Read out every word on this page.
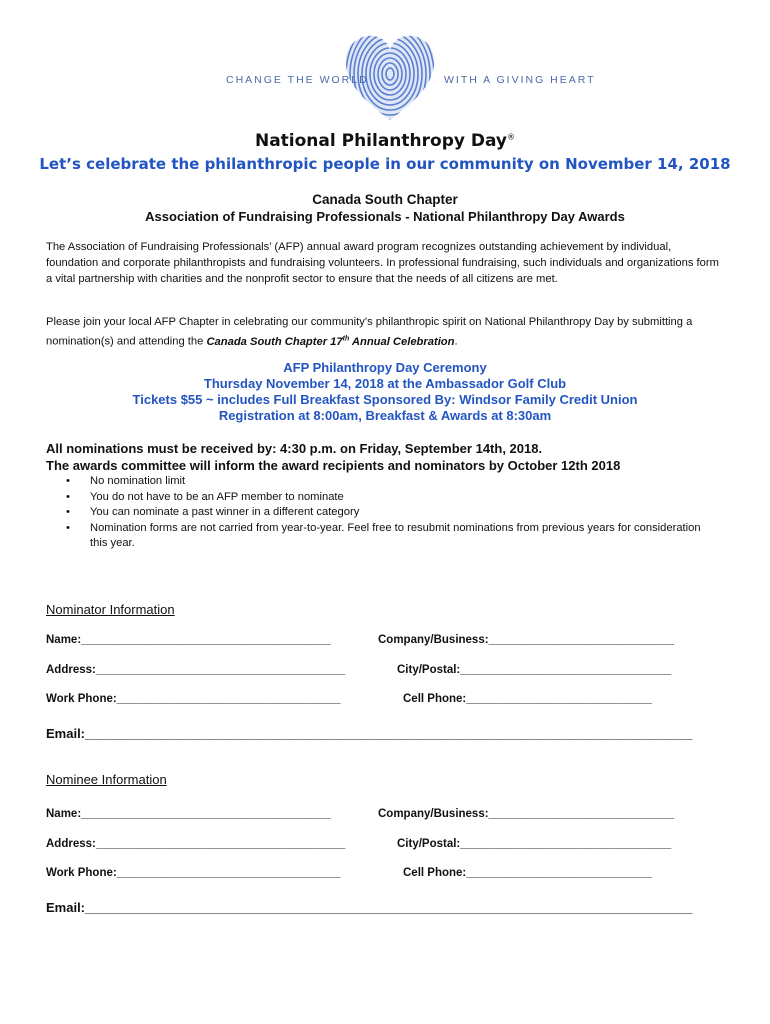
CHANGE THE WORLD	WITH A GIVING HEART
National Philanthropy Day®
Let’s celebrate the philanthropic people in our community on November 14, 2018
Canada South Chapter
Association of Fundraising Professionals - National Philanthropy Day Awards
The Association of Fundraising Professionals’ (AFP) annual award program recognizes outstanding achievement by individual, foundation and corporate philanthropists and fundraising volunteers. In professional fundraising, such individuals and organizations form a vital partnership with charities and the nonprofit sector to ensure that the needs of all citizens are met.
Please join your local AFP Chapter in celebrating our community’s philanthropic spirit on National Philanthropy Day by submitting a nomination(s) and attending the Canada South Chapter 17th Annual Celebration.
AFP Philanthropy Day Ceremony
Thursday November 14, 2018 at the Ambassador Golf Club
Tickets $55 ~ includes Full Breakfast Sponsored By: Windsor Family Credit Union
Registration at 8:00am, Breakfast & Awards at 8:30am
All nominations must be received by: 4:30 p.m. on Friday, September 14th, 2018.
The awards committee will inform the award recipients and nominators by October 12th 2018
• No nomination limit
• You do not have to be an AFP member to nominate
• You can nominate a past winner in a different category
• Nomination forms are not carried from year-to-year. Feel free to resubmit nominations from previous years for consideration this year.
Nominator Information
Name:_______________________________________	Company/Business:_____________________________
Address:_______________________________________	City/Postal:_________________________________
Work Phone:___________________________________	Cell Phone:_____________________________
Email:____________________________________________________________________________________
Nominee Information
Name:_______________________________________	Company/Business:_____________________________
Address:_______________________________________	City/Postal:_________________________________
Work Phone:___________________________________	Cell Phone:_____________________________
Email:____________________________________________________________________________________
